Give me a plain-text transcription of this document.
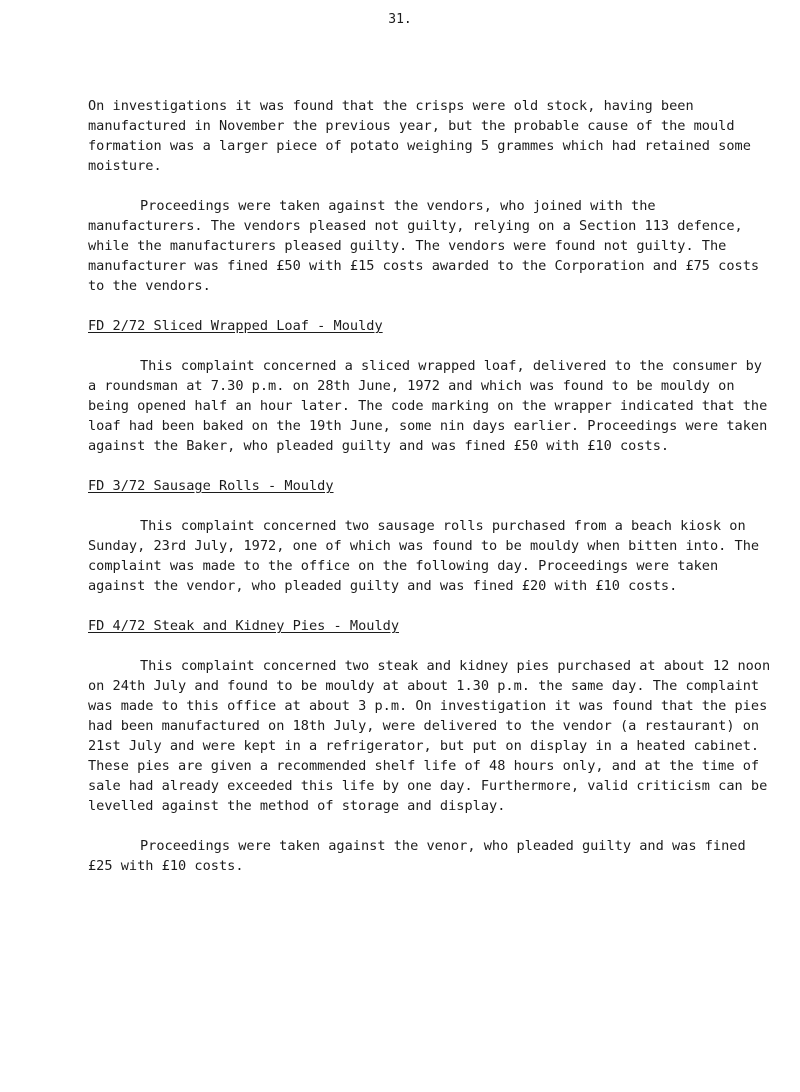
31.

On investigations it was found that the crisps were old stock, having been manufactured in November the previous year, but the probable cause of the mould formation was a larger piece of potato weighing 5 grammes which had retained some moisture.

Proceedings were taken against the vendors, who joined with the manufacturers. The vendors pleased not guilty, relying on a Section 113 defence, while the manufacturers pleased guilty. The vendors were found not guilty. The manufacturer was fined £50 with £15 costs awarded to the Corporation and £75 costs to the vendors.

FD 2/72 Sliced Wrapped Loaf - Mouldy

This complaint concerned a sliced wrapped loaf, delivered to the consumer by a roundsman at 7.30 p.m. on 28th June, 1972 and which was found to be mouldy on being opened half an hour later. The code marking on the wrapper indicated that the loaf had been baked on the 19th June, some nin days earlier. Proceedings were taken against the Baker, who pleaded guilty and was fined £50 with £10 costs.

FD 3/72 Sausage Rolls - Mouldy

This complaint concerned two sausage rolls purchased from a beach kiosk on Sunday, 23rd July, 1972, one of which was found to be mouldy when bitten into. The complaint was made to the office on the following day. Proceedings were taken against the vendor, who pleaded guilty and was fined £20 with £10 costs.

FD 4/72 Steak and Kidney Pies - Mouldy

This complaint concerned two steak and kidney pies purchased at about 12 noon on 24th July and found to be mouldy at about 1.30 p.m. the same day. The complaint was made to this office at about 3 p.m. On investigation it was found that the pies had been manufactured on 18th July, were delivered to the vendor (a restaurant) on 21st July and were kept in a refrigerator, but put on display in a heated cabinet. These pies are given a recommended shelf life of 48 hours only, and at the time of sale had already exceeded this life by one day. Furthermore, valid criticism can be levelled against the method of storage and display.

Proceedings were taken against the venor, who pleaded guilty and was fined £25 with £10 costs.
